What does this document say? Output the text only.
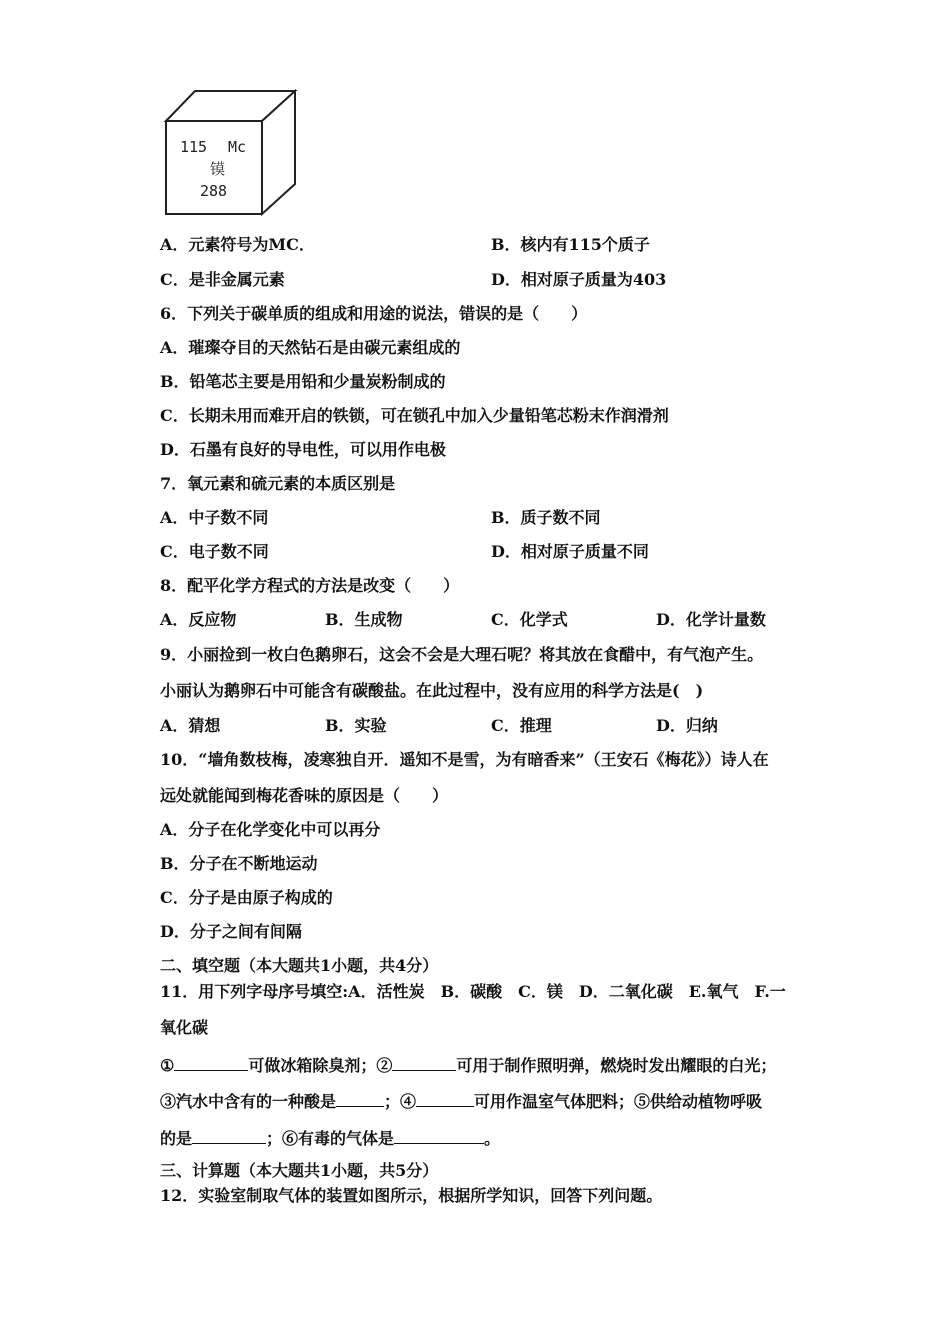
115 Mc
镆
288
A．元素符号为MC．	B．核内有115个质子
C．是非金属元素	D．相对原子质量为403
6．下列关于碳单质的组成和用途的说法，错误的是（　　）
A．璀璨夺目的天然钻石是由碳元素组成的
B．铅笔芯主要是用铅和少量炭粉制成的
C．长期未用而难开启的铁锁，可在锁孔中加入少量铅笔芯粉末作润滑剂
D．石墨有良好的导电性，可以用作电极
7．氧元素和硫元素的本质区别是
A．中子数不同	B．质子数不同
C．电子数不同	D．相对原子质量不同
8．配平化学方程式的方法是改变（　　）
A．反应物	B．生成物	C．化学式	D．化学计量数
9．小丽捡到一枚白色鹅卵石，这会不会是大理石呢？将其放在食醋中，有气泡产生。
小丽认为鹅卵石中可能含有碳酸盐。在此过程中，没有应用的科学方法是(　)
A．猜想	B．实验	C．推理	D．归纳
10．“墙角数枝梅，凌寒独自开．遥知不是雪，为有暗香来”（王安石《梅花》）诗人在
远处就能闻到梅花香味的原因是（　　）
A．分子在化学变化中可以再分
B．分子在不断地运动
C．分子是由原子构成的
D．分子之间有间隔
二、填空题（本大题共1小题，共4分）
11．用下列字母序号填空:A．活性炭　B．碳酸　C．镁　D．二氧化碳　E.氧气　F.一
氧化碳
①	可做冰箱除臭剂；②	可用于制作照明弹，燃烧时发出耀眼的白光；
③汽水中含有的一种酸是	；④	可用作温室气体肥料；⑤供给动植物呼吸
的是	；⑥有毒的气体是	。
三、计算题（本大题共1小题，共5分）
12．实验室制取气体的装置如图所示，根据所学知识，回答下列问题。
